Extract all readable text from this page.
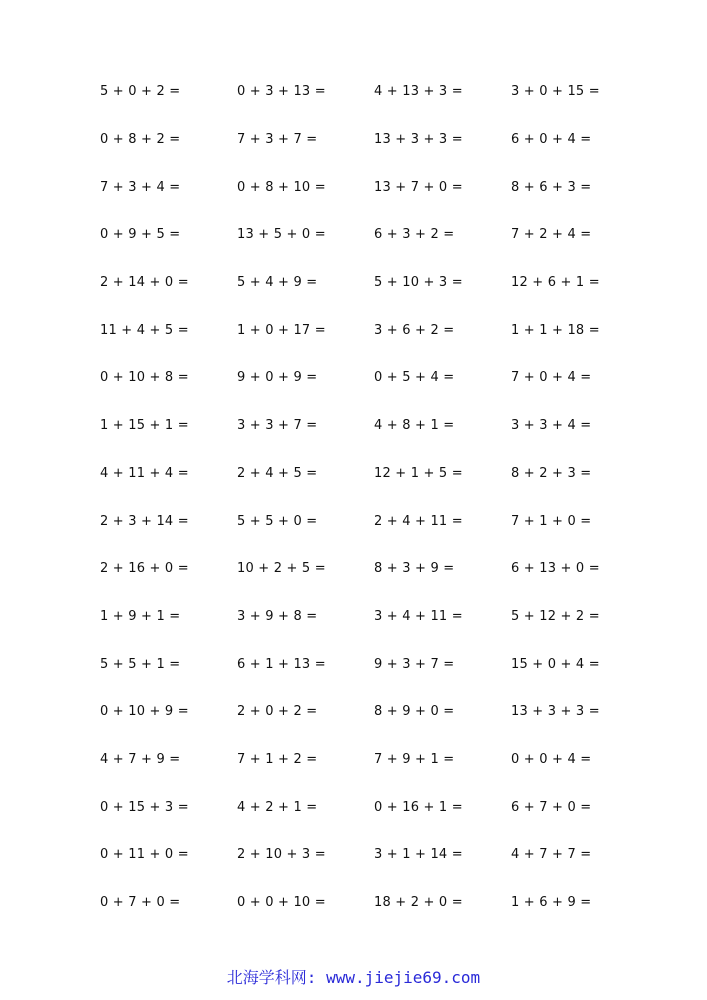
5 + 0 + 2 =	0 + 3 + 13 =	4 + 13 + 3 =	3 + 0 + 15 =
0 + 8 + 2 =	7 + 3 + 7 =	13 + 3 + 3 =	6 + 0 + 4 =
7 + 3 + 4 =	0 + 8 + 10 =	13 + 7 + 0 =	8 + 6 + 3 =
0 + 9 + 5 =	13 + 5 + 0 =	6 + 3 + 2 =	7 + 2 + 4 =
2 + 14 + 0 =	5 + 4 + 9 =	5 + 10 + 3 =	12 + 6 + 1 =
11 + 4 + 5 =	1 + 0 + 17 =	3 + 6 + 2 =	1 + 1 + 18 =
0 + 10 + 8 =	9 + 0 + 9 =	0 + 5 + 4 =	7 + 0 + 4 =
1 + 15 + 1 =	3 + 3 + 7 =	4 + 8 + 1 =	3 + 3 + 4 =
4 + 11 + 4 =	2 + 4 + 5 =	12 + 1 + 5 =	8 + 2 + 3 =
2 + 3 + 14 =	5 + 5 + 0 =	2 + 4 + 11 =	7 + 1 + 0 =
2 + 16 + 0 =	10 + 2 + 5 =	8 + 3 + 9 =	6 + 13 + 0 =
1 + 9 + 1 =	3 + 9 + 8 =	3 + 4 + 11 =	5 + 12 + 2 =
5 + 5 + 1 =	6 + 1 + 13 =	9 + 3 + 7 =	15 + 0 + 4 =
0 + 10 + 9 =	2 + 0 + 2 =	8 + 9 + 0 =	13 + 3 + 3 =
4 + 7 + 9 =	7 + 1 + 2 =	7 + 9 + 1 =	0 + 0 + 4 =
0 + 15 + 3 =	4 + 2 + 1 =	0 + 16 + 1 =	6 + 7 + 0 =
0 + 11 + 0 =	2 + 10 + 3 =	3 + 1 + 14 =	4 + 7 + 7 =
0 + 7 + 0 =	0 + 0 + 10 =	18 + 2 + 0 =	1 + 6 + 9 =
北海学科网: www.jiejie69.com
